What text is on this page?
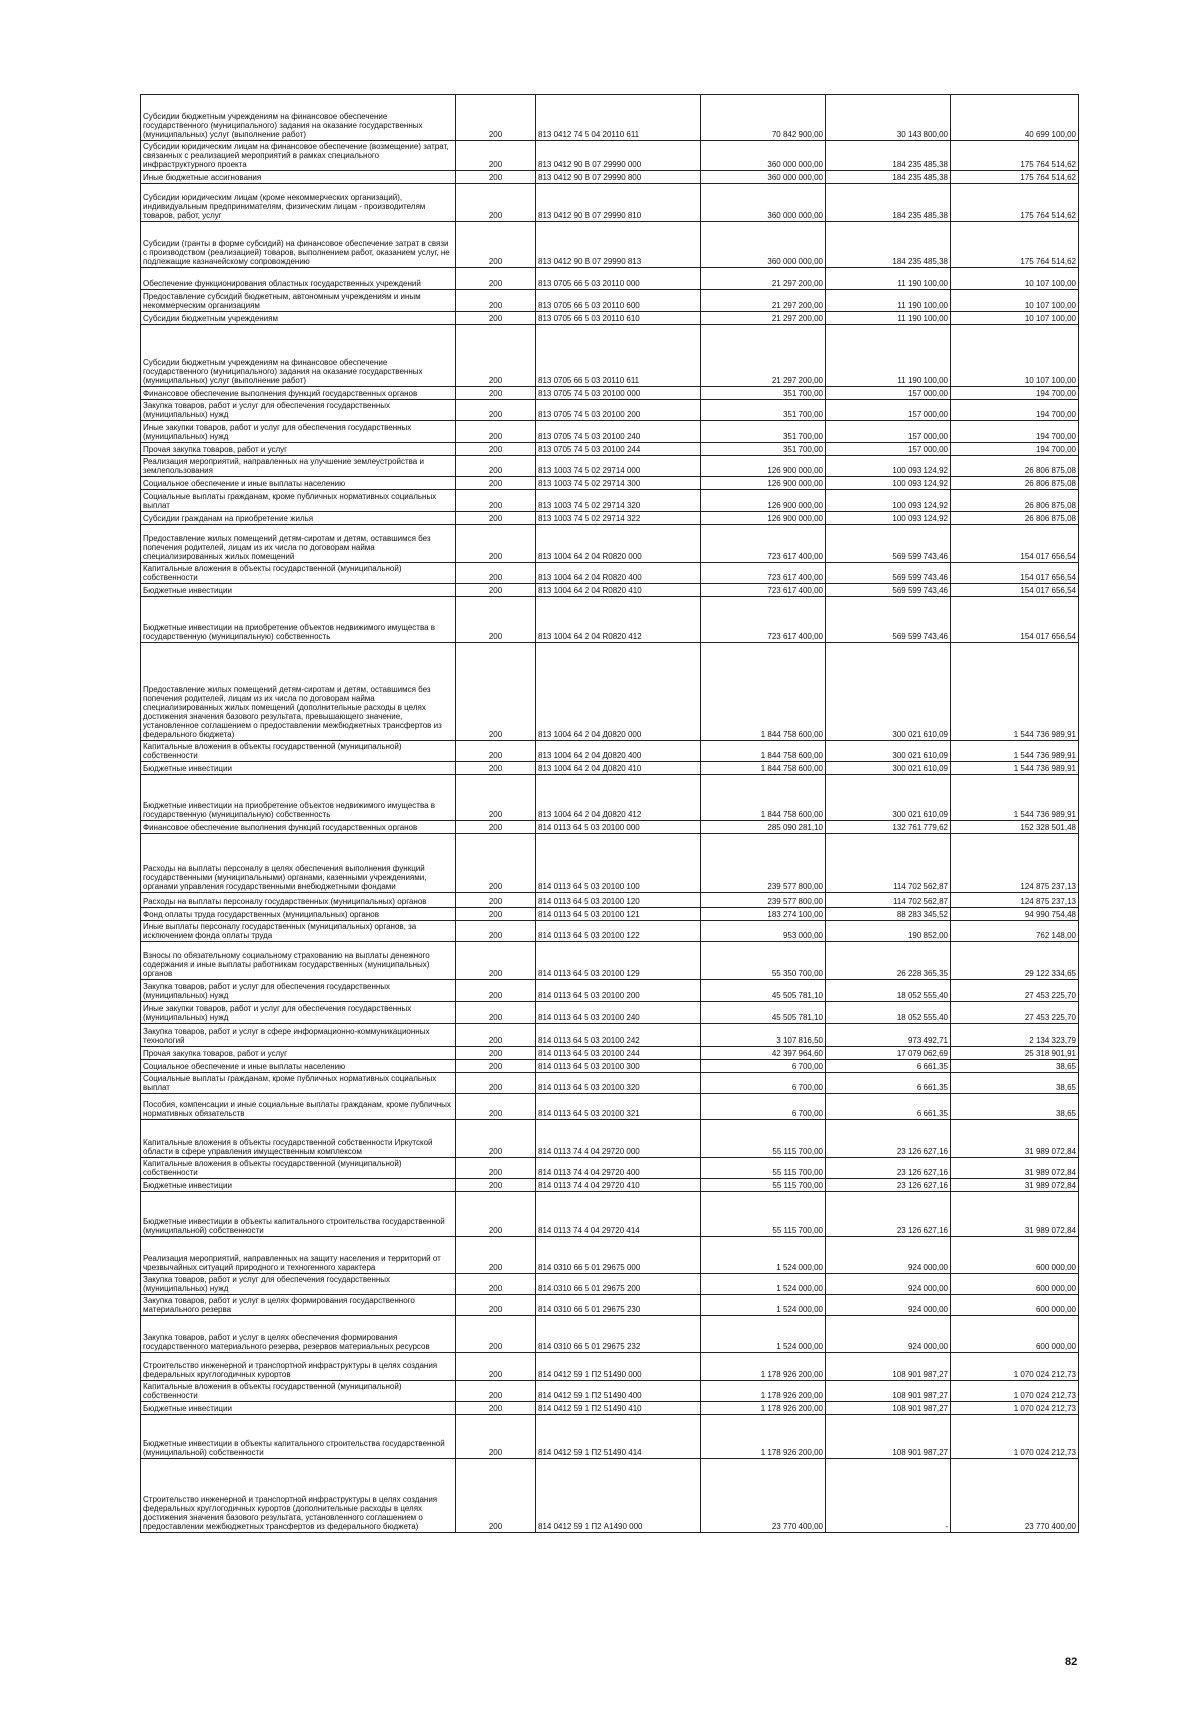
Субсидии бюджетным учреждениям на финансовое обеспечение государственного (муниципального) задания на оказание государственных (муниципальных) услуг (выполнение работ)	200	813 0412 74 5 04 20110 611	70 842 900,00	30 143 800,00	40 699 100,00
Субсидии юридическим лицам на финансовое обеспечение (возмещение) затрат, связанных с реализацией мероприятий в рамках специального инфраструктурного проекта	200	813 0412 90 В 07 29990 000	360 000 000,00	184 235 485,38	175 764 514,62
Иные бюджетные ассигнования	200	813 0412 90 В 07 29990 800	360 000 000,00	184 235 485,38	175 764 514,62
Субсидии юридическим лицам (кроме некоммерческих организаций), индивидуальным предпринимателям, физическим лицам - производителям товаров, работ, услуг	200	813 0412 90 В 07 29990 810	360 000 000,00	184 235 485,38	175 764 514,62
Субсидии (гранты в форме субсидий) на финансовое обеспечение затрат в связи с производством (реализацией) товаров, выполнением работ, оказанием услуг, не подлежащие казначейскому сопровождению	200	813 0412 90 В 07 29990 813	360 000 000,00	184 235 485,38	175 764 514,62
Обеспечение функционирования областных государственных учреждений	200	813 0705 66 5 03 20110 000	21 297 200,00	11 190 100,00	10 107 100,00
Предоставление субсидий бюджетным, автономным учреждениям и иным некоммерческим организациям	200	813 0705 66 5 03 20110 600	21 297 200,00	11 190 100,00	10 107 100,00
Субсидии бюджетным учреждениям	200	813 0705 66 5 03 20110 610	21 297 200,00	11 190 100,00	10 107 100,00
Субсидии бюджетным учреждениям на финансовое обеспечение государственного (муниципального) задания на оказание государственных (муниципальных) услуг (выполнение работ)	200	813 0705 66 5 03 20110 611	21 297 200,00	11 190 100,00	10 107 100,00
Финансовое обеспечение выполнения функций государственных органов	200	813 0705 74 5 03 20100 000	351 700,00	157 000,00	194 700,00
Закупка товаров, работ и услуг для обеспечения государственных (муниципальных) нужд	200	813 0705 74 5 03 20100 200	351 700,00	157 000,00	194 700,00
Иные закупки товаров, работ и услуг для обеспечения государственных (муниципальных) нужд	200	813 0705 74 5 03 20100 240	351 700,00	157 000,00	194 700,00
Прочая закупка товаров, работ и услуг	200	813 0705 74 5 03 20100 244	351 700,00	157 000,00	194 700,00
Реализация мероприятий, направленных на улучшение землеустройства и землепользования	200	813 1003 74 5 02 29714 000	126 900 000,00	100 093 124,92	26 806 875,08
Социальное обеспечение и иные выплаты населению	200	813 1003 74 5 02 29714 300	126 900 000,00	100 093 124,92	26 806 875,08
Социальные выплаты гражданам, кроме публичных нормативных социальных выплат	200	813 1003 74 5 02 29714 320	126 900 000,00	100 093 124,92	26 806 875,08
Субсидии гражданам на приобретение жилья	200	813 1003 74 5 02 29714 322	126 900 000,00	100 093 124,92	26 806 875,08
Предоставление жилых помещений детям-сиротам и детям, оставшимся без попечения родителей, лицам из их числа по договорам найма специализированных жилых помещений	200	813 1004 64 2 04 R0820 000	723 617 400,00	569 599 743,46	154 017 656,54
Капитальные вложения в объекты государственной (муниципальной) собственности	200	813 1004 64 2 04 R0820 400	723 617 400,00	569 599 743,46	154 017 656,54
Бюджетные инвестиции	200	813 1004 64 2 04 R0820 410	723 617 400,00	569 599 743,46	154 017 656,54
Бюджетные инвестиции на приобретение объектов недвижимого имущества в государственную (муниципальную) собственность	200	813 1004 64 2 04 R0820 412	723 617 400,00	569 599 743,46	154 017 656,54
Предоставление жилых помещений детям-сиротам и детям, оставшимся без попечения родителей, лицам из их числа по договорам найма специализированных жилых помещений (дополнительные расходы в целях достижения значения базового результата, превышающего значение, установленное соглашением о предоставлении межбюджетных трансфертов из федерального бюджета)	200	813 1004 64 2 04 Д0820 000	1 844 758 600,00	300 021 610,09	1 544 736 989,91
Капитальные вложения в объекты государственной (муниципальной) собственности	200	813 1004 64 2 04 Д0820 400	1 844 758 600,00	300 021 610,09	1 544 736 989,91
Бюджетные инвестиции	200	813 1004 64 2 04 Д0820 410	1 844 758 600,00	300 021 610,09	1 544 736 989,91
Бюджетные инвестиции на приобретение объектов недвижимого имущества в государственную (муниципальную) собственность	200	813 1004 64 2 04 Д0820 412	1 844 758 600,00	300 021 610,09	1 544 736 989,91
Финансовое обеспечение выполнения функций государственных органов	200	814 0113 64 5 03 20100 000	285 090 281,10	132 761 779,62	152 328 501,48
Расходы на выплаты персоналу в целях обеспечения выполнения функций государственными (муниципальными) органами, казенными учреждениями, органами управления государственными внебюджетными фондами	200	814 0113 64 5 03 20100 100	239 577 800,00	114 702 562,87	124 875 237,13
Расходы на выплаты персоналу государственных (муниципальных) органов	200	814 0113 64 5 03 20100 120	239 577 800,00	114 702 562,87	124 875 237,13
Фонд оплаты труда государственных (муниципальных) органов	200	814 0113 64 5 03 20100 121	183 274 100,00	88 283 345,52	94 990 754,48
Иные выплаты персоналу государственных (муниципальных) органов, за исключением фонда оплаты труда	200	814 0113 64 5 03 20100 122	953 000,00	190 852,00	762 148,00
Взносы по обязательному социальному страхованию на выплаты денежного содержания и иные выплаты работникам государственных (муниципальных) органов	200	814 0113 64 5 03 20100 129	55 350 700,00	26 228 365,35	29 122 334,65
Закупка товаров, работ и услуг для обеспечения государственных (муниципальных) нужд	200	814 0113 64 5 03 20100 200	45 505 781,10	18 052 555,40	27 453 225,70
Иные закупки товаров, работ и услуг для обеспечения государственных (муниципальных) нужд	200	814 0113 64 5 03 20100 240	45 505 781,10	18 052 555,40	27 453 225,70
Закупка товаров, работ и услуг в сфере информационно-коммуникационных технологий	200	814 0113 64 5 03 20100 242	3 107 816,50	973 492,71	2 134 323,79
Прочая закупка товаров, работ и услуг	200	814 0113 64 5 03 20100 244	42 397 964,60	17 079 062,69	25 318 901,91
Социальное обеспечение и иные выплаты населению	200	814 0113 64 5 03 20100 300	6 700,00	6 661,35	38,65
Социальные выплаты гражданам, кроме публичных нормативных социальных выплат	200	814 0113 64 5 03 20100 320	6 700,00	6 661,35	38,65
Пособия, компенсации и иные социальные выплаты гражданам, кроме публичных нормативных обязательств	200	814 0113 64 5 03 20100 321	6 700,00	6 661,35	38,65
Капитальные вложения в объекты государственной собственности Иркутской области в сфере управления имущественным комплексом	200	814 0113 74 4 04 29720 000	55 115 700,00	23 126 627,16	31 989 072,84
Капитальные вложения в объекты государственной (муниципальной) собственности	200	814 0113 74 4 04 29720 400	55 115 700,00	23 126 627,16	31 989 072,84
Бюджетные инвестиции	200	814 0113 74 4 04 29720 410	55 115 700,00	23 126 627,16	31 989 072,84
Бюджетные инвестиции в объекты капитального строительства государственной (муниципальной) собственности	200	814 0113 74 4 04 29720 414	55 115 700,00	23 126 627,16	31 989 072,84
Реализация мероприятий, направленных на защиту населения и территорий от чрезвычайных ситуаций природного и техногенного характера	200	814 0310 66 5 01 29675 000	1 524 000,00	924 000,00	600 000,00
Закупка товаров, работ и услуг для обеспечения государственных (муниципальных) нужд	200	814 0310 66 5 01 29675 200	1 524 000,00	924 000,00	600 000,00
Закупка товаров, работ и услуг в целях формирования государственного материального резерва	200	814 0310 66 5 01 29675 230	1 524 000,00	924 000,00	600 000,00
Закупка товаров, работ и услуг в целях обеспечения формирования государственного материального резерва, резервов материальных ресурсов	200	814 0310 66 5 01 29675 232	1 524 000,00	924 000,00	600 000,00
Строительство инженерной и транспортной инфраструктуры в целях создания федеральных круглогодичных курортов	200	814 0412 59 1 П2 51490 000	1 178 926 200,00	108 901 987,27	1 070 024 212,73
Капитальные вложения в объекты государственной (муниципальной) собственности	200	814 0412 59 1 П2 51490 400	1 178 926 200,00	108 901 987,27	1 070 024 212,73
Бюджетные инвестиции	200	814 0412 59 1 П2 51490 410	1 178 926 200,00	108 901 987,27	1 070 024 212,73
Бюджетные инвестиции в объекты капитального строительства государственной (муниципальной) собственности	200	814 0412 59 1 П2 51490 414	1 178 926 200,00	108 901 987,27	1 070 024 212,73
Строительство инженерной и транспортной инфраструктуры в целях создания федеральных круглогодичных курортов (дополнительные расходы в целях достижения значения базового результата, установленного соглашением о предоставлении межбюджетных трансфертов из федерального бюджета)	200	814 0412 59 1 П2 А1490 000	23 770 400,00	-	23 770 400,00
82
